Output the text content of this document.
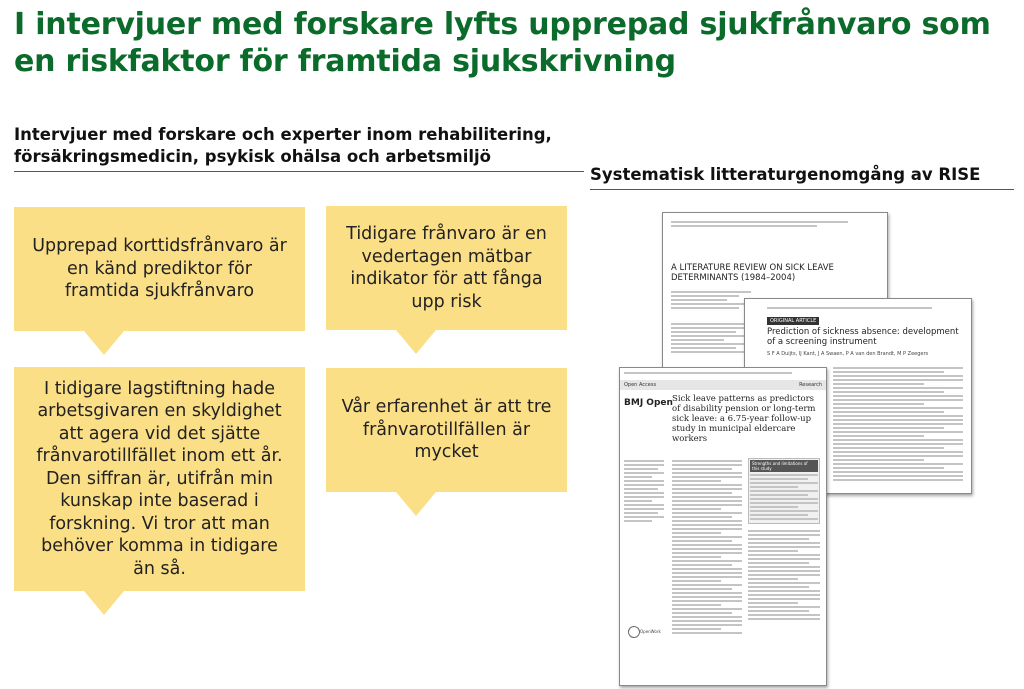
I intervjuer med forskare lyfts upprepad sjukfrånvaro som en riskfaktor för framtida sjukskrivning
Intervjuer med forskare och experter inom rehabilitering, försäkringsmedicin, psykisk ohälsa och arbetsmiljö
Systematisk litteraturgenomgång av RISE
Upprepad korttidsfrånvaro är en känd prediktor för framtida sjukfrånvaro
Tidigare frånvaro är en vedertagen mätbar indikator för att fånga upp risk
I tidigare lagstiftning hade arbetsgivaren en skyldighet att agera vid det sjätte frånvarotillfället inom ett år. Den siffran är, utifrån min kunskap inte baserad i forskning. Vi tror att man behöver komma in tidigare än så.
Vår erfarenhet är att tre frånvarotillfällen är mycket
A LITERATURE REVIEW ON SICK LEAVE DETERMINANTS (1984–2004)
ORIGINAL ARTICLE
Prediction of sickness absence: development of a screening instrument
S F A Duijts, IJ Kant, J A Swaen, P A van den Brandt, M P Zeegers
Open Access	Research
BMJ Open Sick leave patterns as predictors of disability pension or long-term sick leave: a 6.75-year follow-up study in municipal eldercare workers
Strengths and limitations of this study
OpenWork
